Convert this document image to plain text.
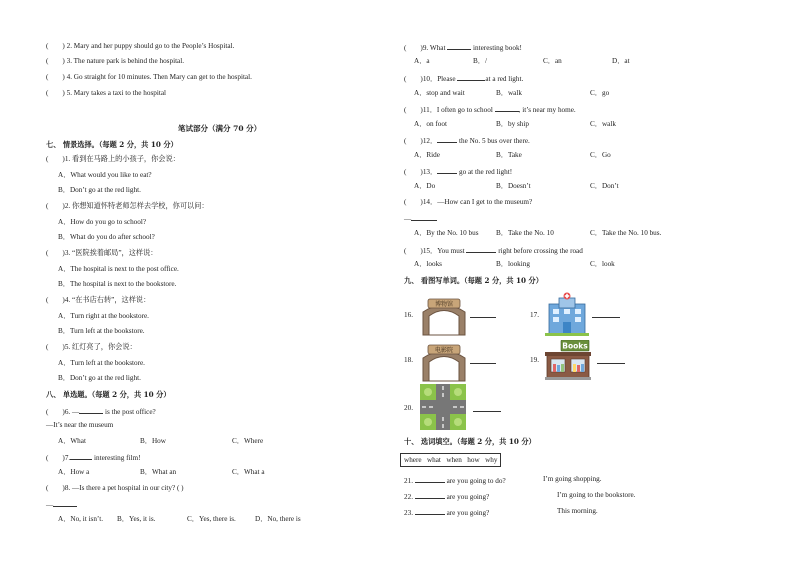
( ) 2. Mary and her puppy should go to the People’s Hospital.
( ) 3. The nature park is behind the hospital.
( ) 4. Go straight for 10 minutes. Then Mary can get to the hospital.
( ) 5. Mary takes a taxi to the hospital
笔试部分（满分 70 分）
七、 情景选择。（每题 2 分，共 10 分）
( )1. 看到在马路上的小孩子，你会说：
A．What would you like to eat?
B．Don’t go at the red light.
( )2. 你想知道怀特老师怎样去学校，你可以问：
A．How do you go to school?
B．What do you do after school?
( )3. “医院挨着邮局”，这样说：
A．The hospital is next to the post office.
B．The hospital is next to the bookstore.
( )4. “在书店右转”，这样说：
A．Turn right at the bookstore.
B．Turn left at the bookstore.
( )5. 红灯亮了，你会说：
A．Turn left at the bookstore.
B．Don’t go at the red light.
八、 单选题。（每题 2 分，共 10 分）
( )6. —	is the post office?
—It’s near the museum
A．What	B．How	C．Where
( )7.	interesting film!
A．How a	B．What an	C．What a
( )8. —Is there a pet hospital in our city? ( )
—
A．No, it isn’t. B．Yes, it is.	C．Yes, there is.	D．No, there is
( )9. What	interesting book!
A．a	B．/	C．an	D．at
( )10．Please	at a red light.
A．stop and wait	B．walk	C．go
( )11．I often go to school	, it’s near my home.
A．on foot	B．by ship	C．walk
( )12．	the No. 5 bus over there.
A．Ride	B．Take	C．Go
( )13．	go at the red light!
A．Do	B．Doesn’t	C．Don’t
( )14．—How can I get to the museum?
—
A．By the No. 10 bus B．Take the No. 10	C．Take the No. 10 bus.
( )15．You must	right before crossing the road
A．looks	B．looking	C．look
九、 看图写单词。（每题 2 分，共 10 分）
16.
博物馆
17.
18.
电影院
19.
Books
20.
十、 选词填空。（每题 2 分，共 10 分）
where what when how why
21.	are you going to do?	I’m going shopping.
22.	are you going?	I’m going to the bookstore.
23.	are you going?	This morning.
